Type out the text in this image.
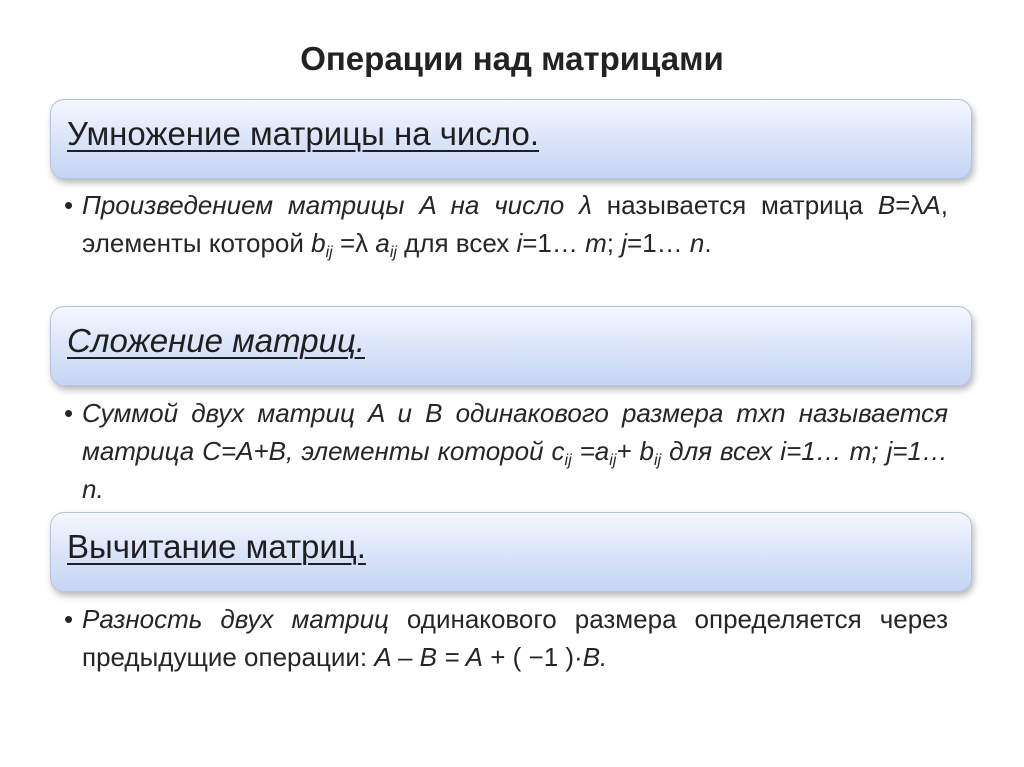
Операции над матрицами
Умножение матрицы на число.
• Произведением матрицы A на число λ называется матрица B=λA, элементы которой $b_{ij} =\lambda$ $a_{ij}$ для всех i=1… m; j=1… n.
Сложение матриц.
• Суммой двух матриц A и B одинакового размера mxn называется матрица C=A+B, элементы которой $c_{ij} =a_{ij}+ b_{ij}$ для всех i=1… m; j=1…n.
Вычитание матриц.
• Разность двух матриц одинакового размера определяется через предыдущие операции: A – B = A + ( −1 )·B.
